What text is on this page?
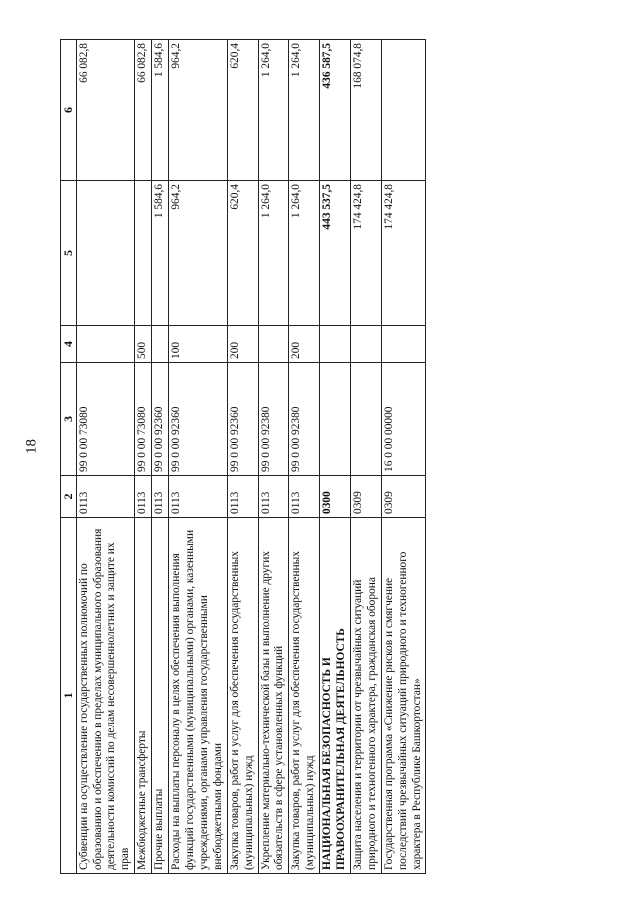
18
1	2	3	4	5	6
Субвенции на осуществление государственных полномочий по образованию и обеспечению в пределах муниципального образования деятельности комиссий по делам несовершеннолетних и защите их прав	0113	99 0 00 73080			66 082,8
Межбюджетные трансферты	0113	99 0 00 73080	500		66 082,8
Прочие выплаты	0113	99 0 00 92360		1 584,6	1 584,6
Расходы на выплаты персоналу в целях обеспечения выполнения функций государственными (муниципальными) органами, казенными учреждениями, органами управления государственными внебюджетными фондами	0113	99 0 00 92360	100	964,2	964,2
Закупка товаров, работ и услуг для обеспечения государственных (муниципальных) нужд	0113	99 0 00 92360	200	620,4	620,4
Укрепление материально-технической базы и выполнение других обязательств в сфере установленных функций	0113	99 0 00 92380		1 264,0	1 264,0
Закупка товаров, работ и услуг для обеспечения государственных (муниципальных) нужд	0113	99 0 00 92380	200	1 264,0	1 264,0
НАЦИОНАЛЬНАЯ БЕЗОПАСНОСТЬ И ПРАВООХРАНИТЕЛЬНАЯ ДЕЯТЕЛЬНОСТЬ	0300			443 537,5	436 587,5
Защита населения и территории от чрезвычайных ситуаций природного и техногенного характера, гражданская оборона	0309			174 424,8	168 074,8
Государственная программа «Снижение рисков и смягчение последствий чрезвычайных ситуаций природного и техногенного характера в Республике Башкортостан»	0309	16 0 00 00000		174 424,8	
